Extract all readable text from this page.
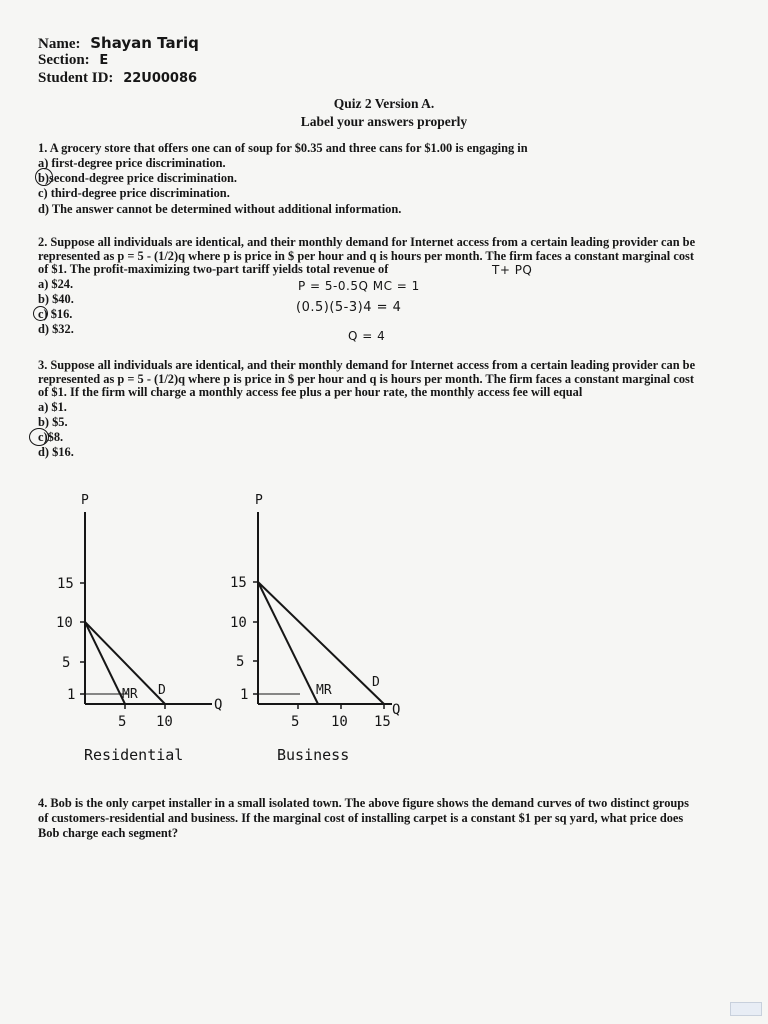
Name: Shayan Tariq
Section: E
Student ID: 22U00086
Quiz 2 Version A.
Label your answers properly
1. A grocery store that offers one can of soup for $0.35 and three cans for $1.00 is engaging in
a) first-degree price discrimination.
b)second-degree price discrimination.
c) third-degree price discrimination.
d) The answer cannot be determined without additional information.
2. Suppose all individuals are identical, and their monthly demand for Internet access from a certain leading provider can be
represented as p = 5 - (1/2)q where p is price in $ per hour and q is hours per month. The firm faces a constant marginal cost
of $1. The profit-maximizing two-part tariff yields total revenue of	T+ PQ
a) $24.	P = 5-0.5Q MC = 1
b) $40.
(0.5)(5-3)4 = 4
c) $16.
d) $32.	Q = 4
3. Suppose all individuals are identical, and their monthly demand for Internet access from a certain leading provider can be
represented as p = 5 - (1/2)q where p is price in $ per hour and q is hours per month. The firm faces a constant marginal cost
of $1. If the firm will charge a monthly access fee plus a per hour rate, the monthly access fee will equal
a) $1.
b) $5.
c)$8.
d) $16.
P
Q
15
10
5
1
5 10
MR D
Residential
P
Q
15
10
5
1
5 10 15
MR
D
Business
4. Bob is the only carpet installer in a small isolated town. The above figure shows the demand curves of two distinct groups
of customers-residential and business. If the marginal cost of installing carpet is a constant $1 per sq yard, what price does
Bob charge each segment?
